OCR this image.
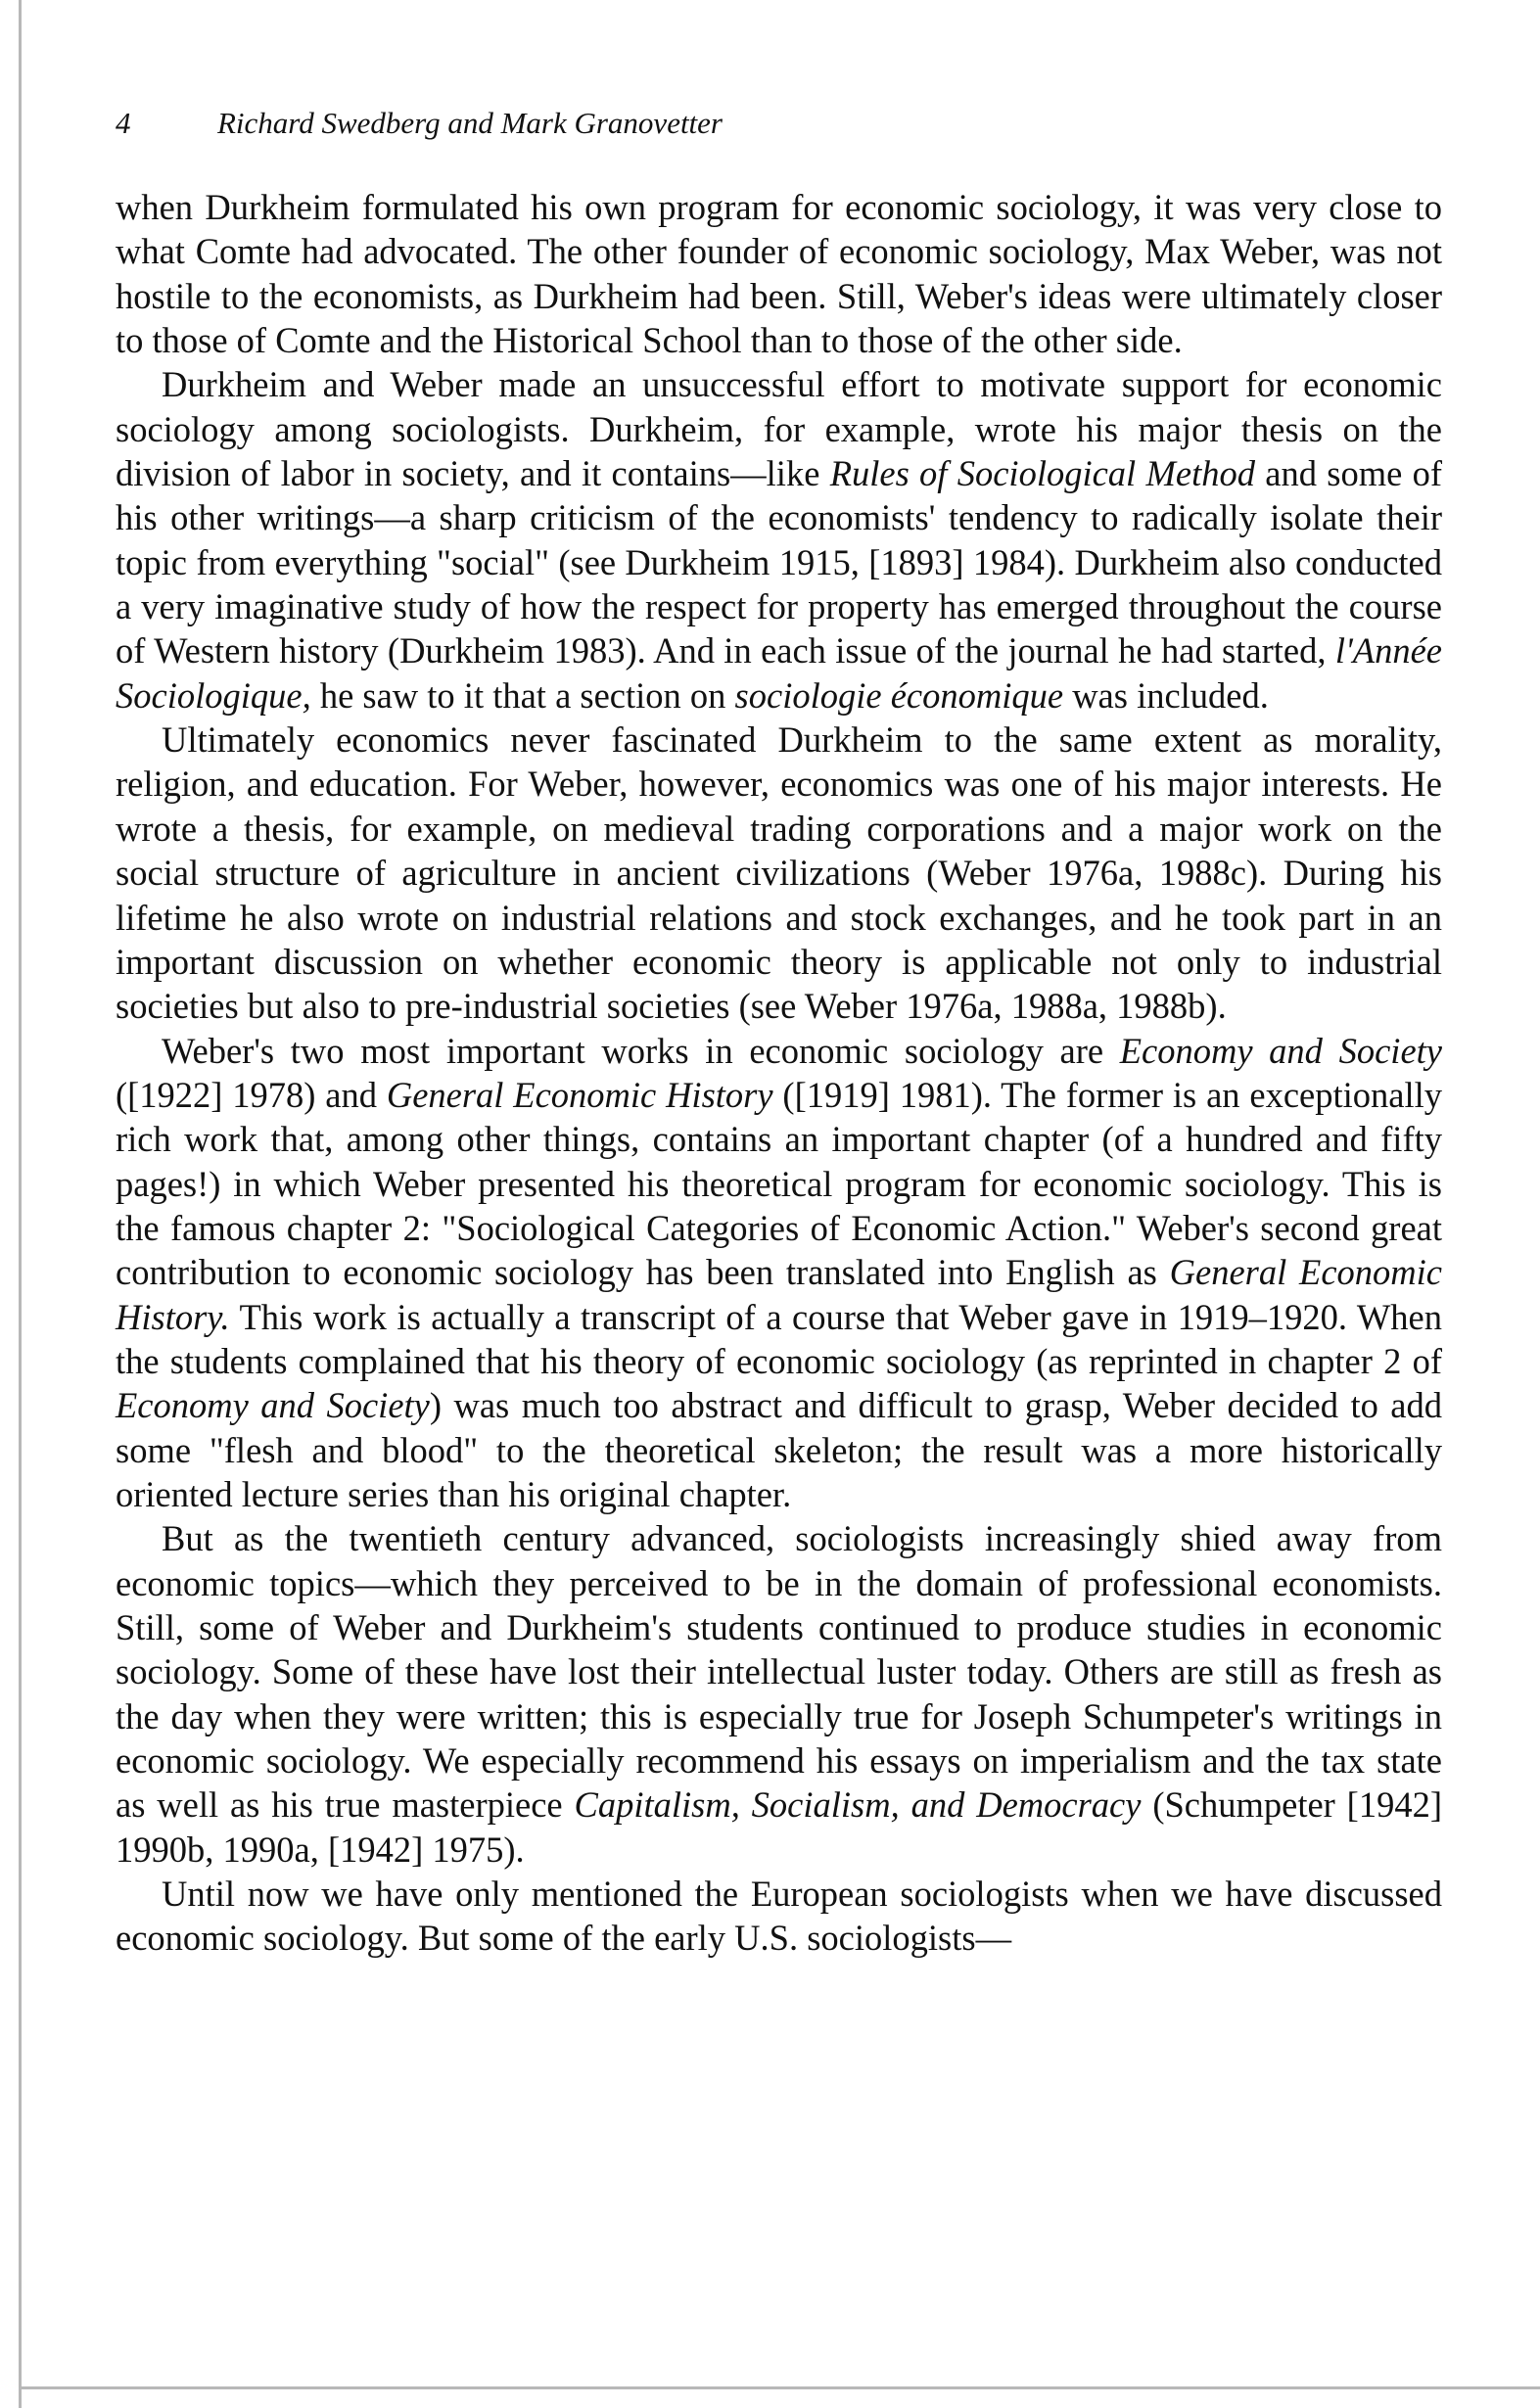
4	Richard Swedberg and Mark Granovetter

when Durkheim formulated his own program for economic sociology, it was very close to what Comte had advocated. The other founder of economic sociology, Max Weber, was not hostile to the economists, as Durkheim had been. Still, Weber's ideas were ultimately closer to those of Comte and the Historical School than to those of the other side.

Durkheim and Weber made an unsuccessful effort to motivate support for economic sociology among sociologists. Durkheim, for example, wrote his major thesis on the division of labor in society, and it contains—like Rules of Sociological Method and some of his other writings—a sharp criticism of the economists' tendency to radically isolate their topic from everything "social" (see Durkheim 1915, [1893] 1984). Durkheim also conducted a very imaginative study of how the respect for property has emerged throughout the course of Western history (Durkheim 1983). And in each issue of the journal he had started, l'Année Sociologique, he saw to it that a section on sociologie économique was included.

Ultimately economics never fascinated Durkheim to the same extent as morality, religion, and education. For Weber, however, economics was one of his major interests. He wrote a thesis, for example, on medieval trading corporations and a major work on the social structure of agriculture in ancient civilizations (Weber 1976a, 1988c). During his lifetime he also wrote on industrial relations and stock exchanges, and he took part in an important discussion on whether economic theory is applicable not only to industrial societies but also to pre-industrial societies (see Weber 1976a, 1988a, 1988b).

Weber's two most important works in economic sociology are Economy and Society ([1922] 1978) and General Economic History ([1919] 1981). The former is an exceptionally rich work that, among other things, contains an important chapter (of a hundred and fifty pages!) in which Weber presented his theoretical program for economic sociology. This is the famous chapter 2: "Sociological Categories of Economic Action." Weber's second great contribution to economic sociology has been translated into English as General Economic History. This work is actually a transcript of a course that Weber gave in 1919–1920. When the students complained that his theory of economic sociology (as reprinted in chapter 2 of Economy and Society) was much too abstract and difficult to grasp, Weber decided to add some "flesh and blood" to the theoretical skeleton; the result was a more historically oriented lecture series than his original chapter.

But as the twentieth century advanced, sociologists increasingly shied away from economic topics—which they perceived to be in the domain of professional economists. Still, some of Weber and Durkheim's students continued to produce studies in economic sociology. Some of these have lost their intellectual luster today. Others are still as fresh as the day when they were written; this is especially true for Joseph Schumpeter's writings in economic sociology. We especially recommend his essays on imperialism and the tax state as well as his true masterpiece Capitalism, Socialism, and Democracy (Schumpeter [1942] 1990b, 1990a, [1942] 1975).

Until now we have only mentioned the European sociologists when we have discussed economic sociology. But some of the early U.S. sociologists—
